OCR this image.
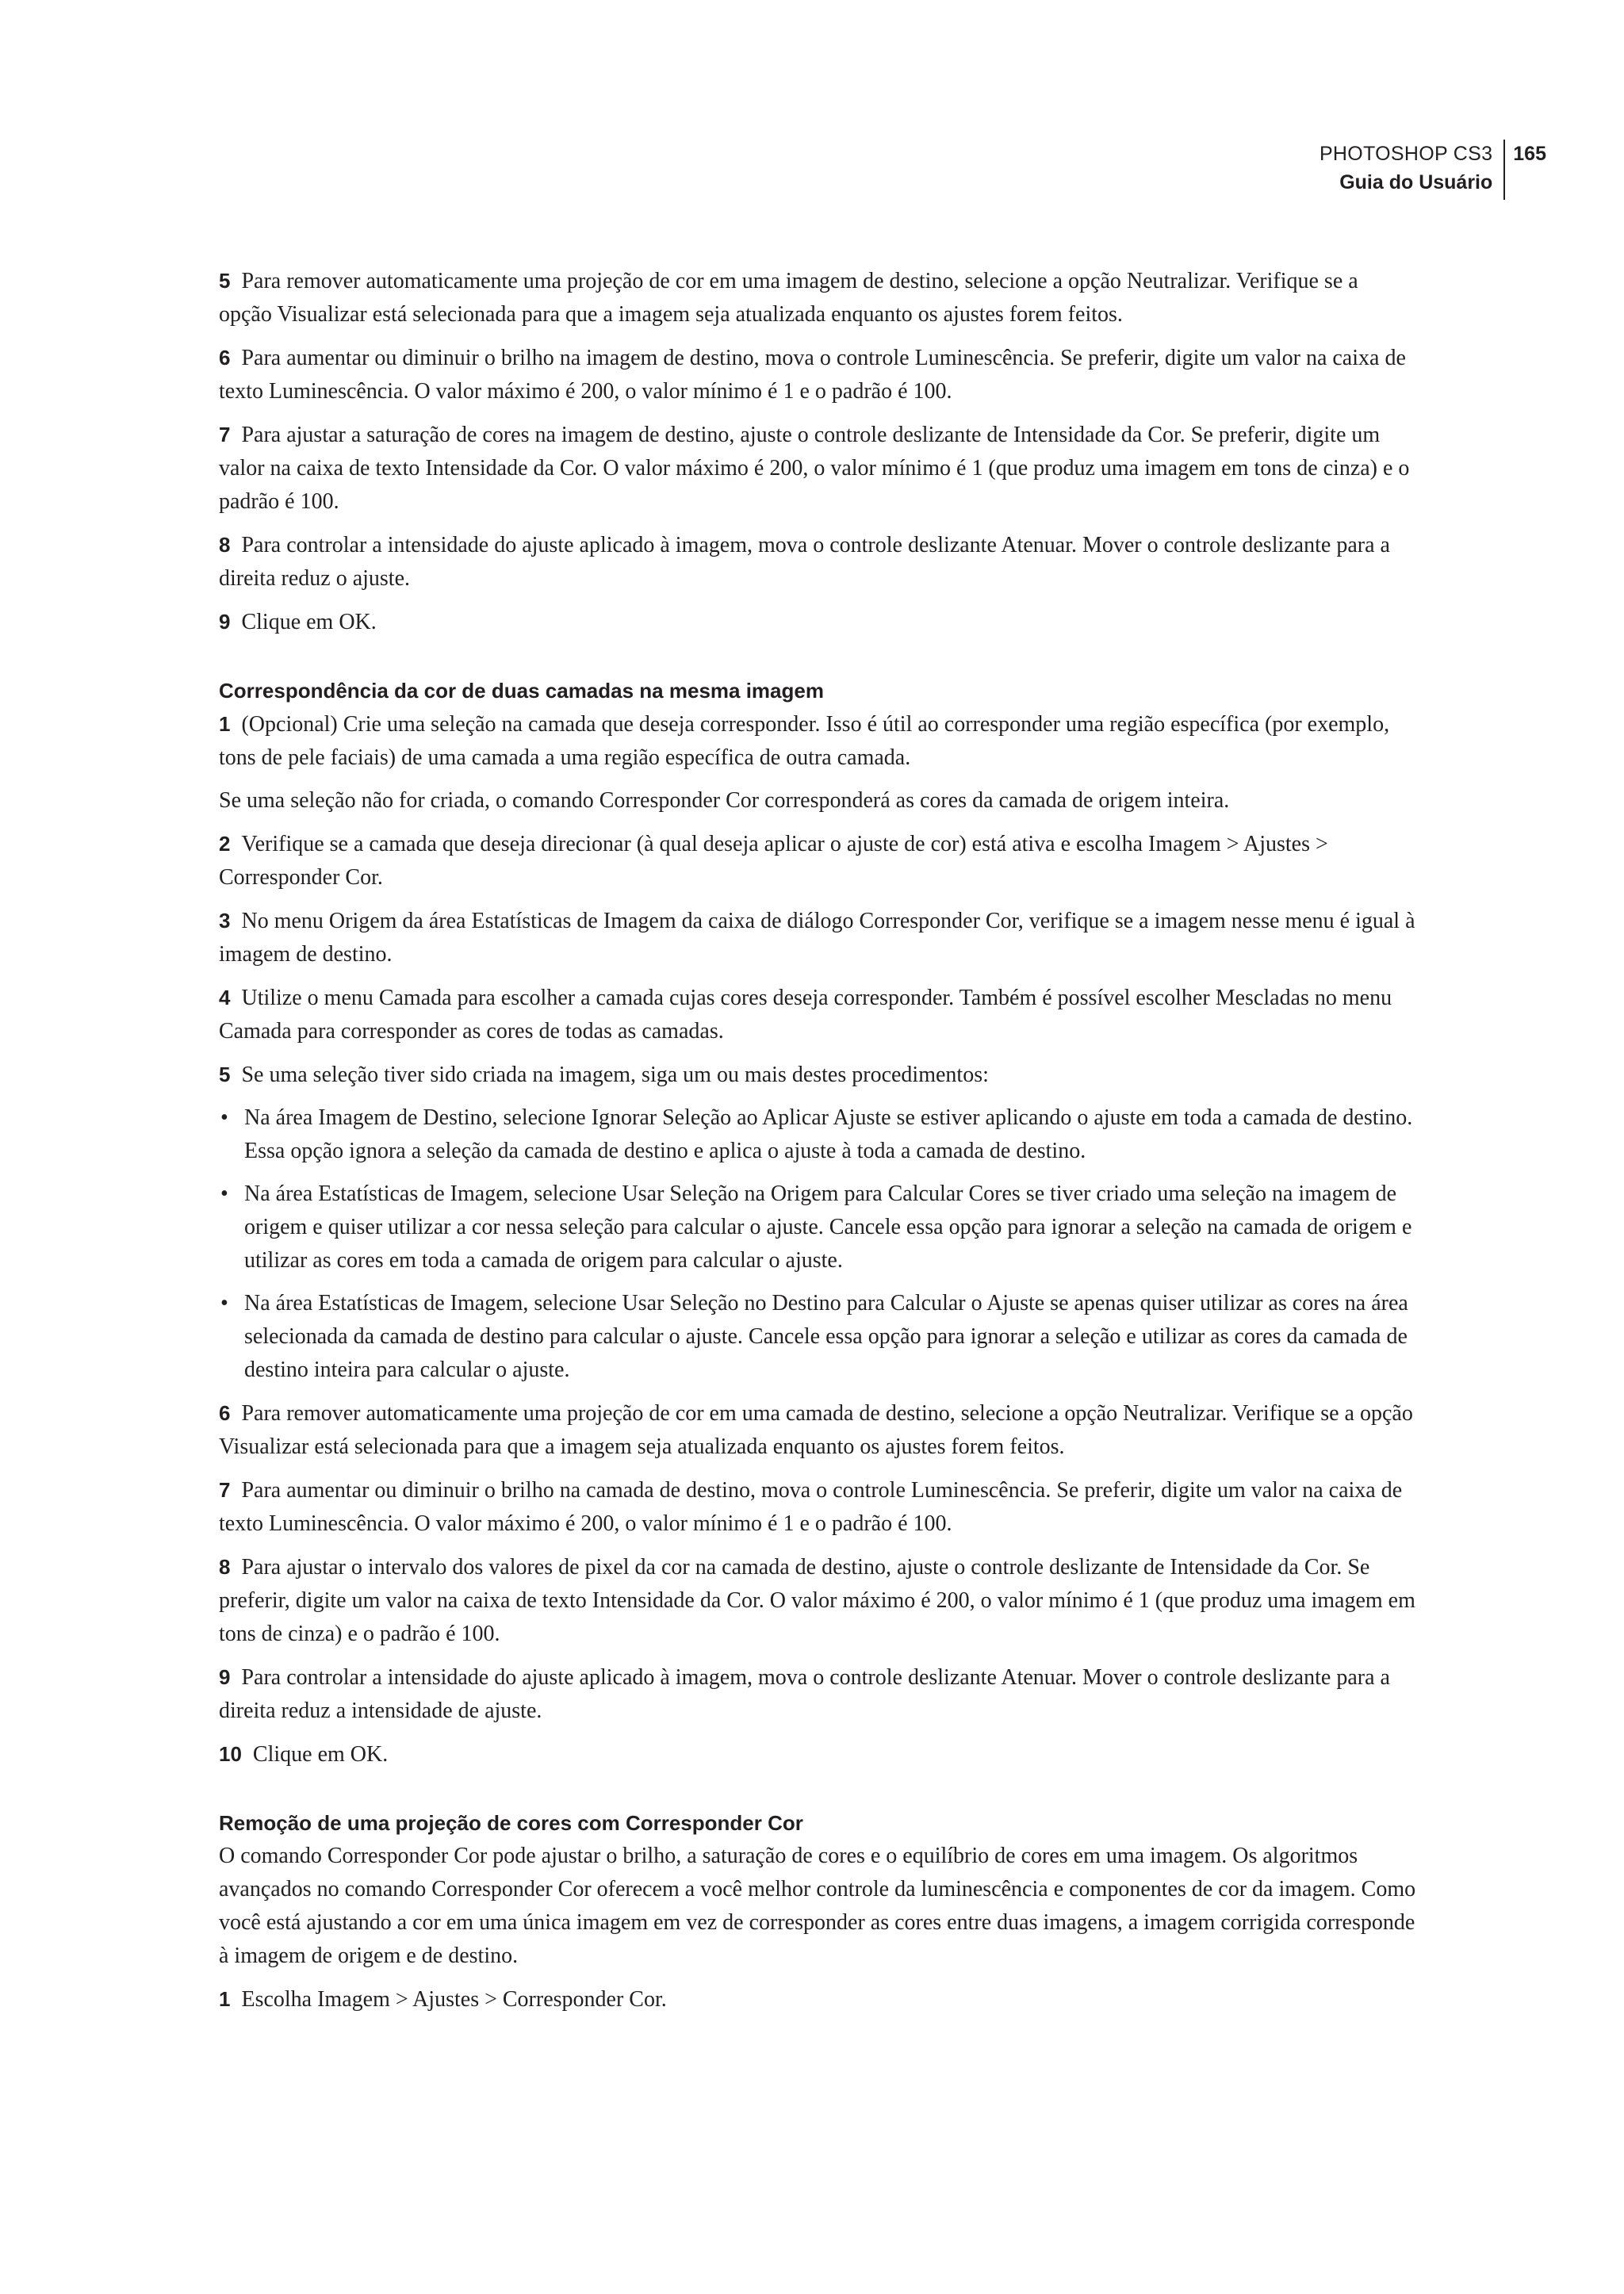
PHOTOSHOP CS3
Guia do Usuário
165

5 Para remover automaticamente uma projeção de cor em uma imagem de destino, selecione a opção Neutralizar. Verifique se a opção Visualizar está selecionada para que a imagem seja atualizada enquanto os ajustes forem feitos.

6 Para aumentar ou diminuir o brilho na imagem de destino, mova o controle Luminescência. Se preferir, digite um valor na caixa de texto Luminescência. O valor máximo é 200, o valor mínimo é 1 e o padrão é 100.

7 Para ajustar a saturação de cores na imagem de destino, ajuste o controle deslizante de Intensidade da Cor. Se preferir, digite um valor na caixa de texto Intensidade da Cor. O valor máximo é 200, o valor mínimo é 1 (que produz uma imagem em tons de cinza) e o padrão é 100.

8 Para controlar a intensidade do ajuste aplicado à imagem, mova o controle deslizante Atenuar. Mover o controle deslizante para a direita reduz o ajuste.

9 Clique em OK.

Correspondência da cor de duas camadas na mesma imagem

1 (Opcional) Crie uma seleção na camada que deseja corresponder. Isso é útil ao corresponder uma região específica (por exemplo, tons de pele faciais) de uma camada a uma região específica de outra camada.

Se uma seleção não for criada, o comando Corresponder Cor corresponderá as cores da camada de origem inteira.

2 Verifique se a camada que deseja direcionar (à qual deseja aplicar o ajuste de cor) está ativa e escolha Imagem > Ajustes > Corresponder Cor.

3 No menu Origem da área Estatísticas de Imagem da caixa de diálogo Corresponder Cor, verifique se a imagem nesse menu é igual à imagem de destino.

4 Utilize o menu Camada para escolher a camada cujas cores deseja corresponder. Também é possível escolher Mescladas no menu Camada para corresponder as cores de todas as camadas.

5 Se uma seleção tiver sido criada na imagem, siga um ou mais destes procedimentos:

• Na área Imagem de Destino, selecione Ignorar Seleção ao Aplicar Ajuste se estiver aplicando o ajuste em toda a camada de destino. Essa opção ignora a seleção da camada de destino e aplica o ajuste à toda a camada de destino.
• Na área Estatísticas de Imagem, selecione Usar Seleção na Origem para Calcular Cores se tiver criado uma seleção na imagem de origem e quiser utilizar a cor nessa seleção para calcular o ajuste. Cancele essa opção para ignorar a seleção na camada de origem e utilizar as cores em toda a camada de origem para calcular o ajuste.
• Na área Estatísticas de Imagem, selecione Usar Seleção no Destino para Calcular o Ajuste se apenas quiser utilizar as cores na área selecionada da camada de destino para calcular o ajuste. Cancele essa opção para ignorar a seleção e utilizar as cores da camada de destino inteira para calcular o ajuste.

6 Para remover automaticamente uma projeção de cor em uma camada de destino, selecione a opção Neutralizar. Verifique se a opção Visualizar está selecionada para que a imagem seja atualizada enquanto os ajustes forem feitos.

7 Para aumentar ou diminuir o brilho na camada de destino, mova o controle Luminescência. Se preferir, digite um valor na caixa de texto Luminescência. O valor máximo é 200, o valor mínimo é 1 e o padrão é 100.

8 Para ajustar o intervalo dos valores de pixel da cor na camada de destino, ajuste o controle deslizante de Intensidade da Cor. Se preferir, digite um valor na caixa de texto Intensidade da Cor. O valor máximo é 200, o valor mínimo é 1 (que produz uma imagem em tons de cinza) e o padrão é 100.

9 Para controlar a intensidade do ajuste aplicado à imagem, mova o controle deslizante Atenuar. Mover o controle deslizante para a direita reduz a intensidade de ajuste.

10 Clique em OK.

Remoção de uma projeção de cores com Corresponder Cor

O comando Corresponder Cor pode ajustar o brilho, a saturação de cores e o equilíbrio de cores em uma imagem. Os algoritmos avançados no comando Corresponder Cor oferecem a você melhor controle da luminescência e componentes de cor da imagem. Como você está ajustando a cor em uma única imagem em vez de corresponder as cores entre duas imagens, a imagem corrigida corresponde à imagem de origem e de destino.

1 Escolha Imagem > Ajustes > Corresponder Cor.
